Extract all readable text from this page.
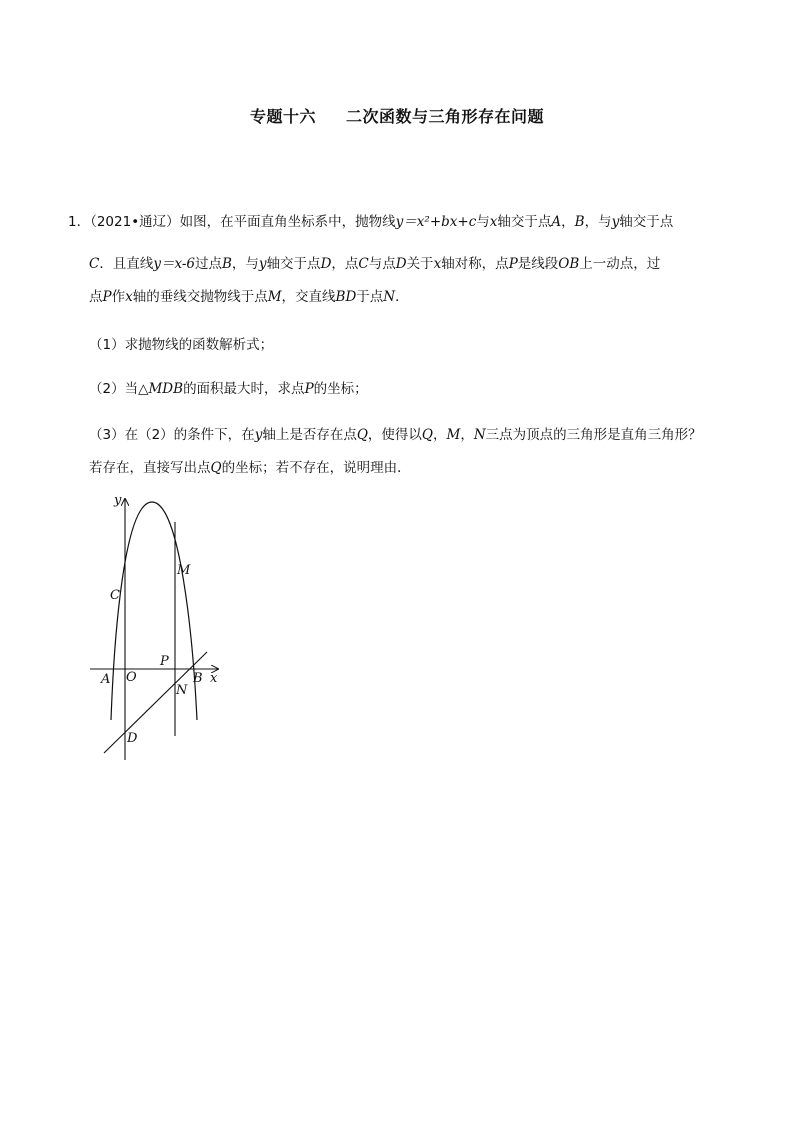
专题十六 二次函数与三角形存在问题
1．（2021•通辽）如图，在平面直角坐标系中，抛物线y＝x²+bx+c与x轴交于点A，B，与y轴交于点
C．且直线y＝x-6过点B，与y轴交于点D，点C与点D关于x轴对称，点P是线段OB上一动点，过
点P作x轴的垂线交抛物线于点M，交直线BD于点N．
（1）求抛物线的函数解析式；
（2）当△MDB的面积最大时，求点P的坐标；
（3）在（2）的条件下，在y轴上是否存在点Q，使得以Q，M，N三点为顶点的三角形是直角三角形？
若存在，直接写出点Q的坐标；若不存在，说明理由．
y
x
A O	B
C
D
M
N
P
